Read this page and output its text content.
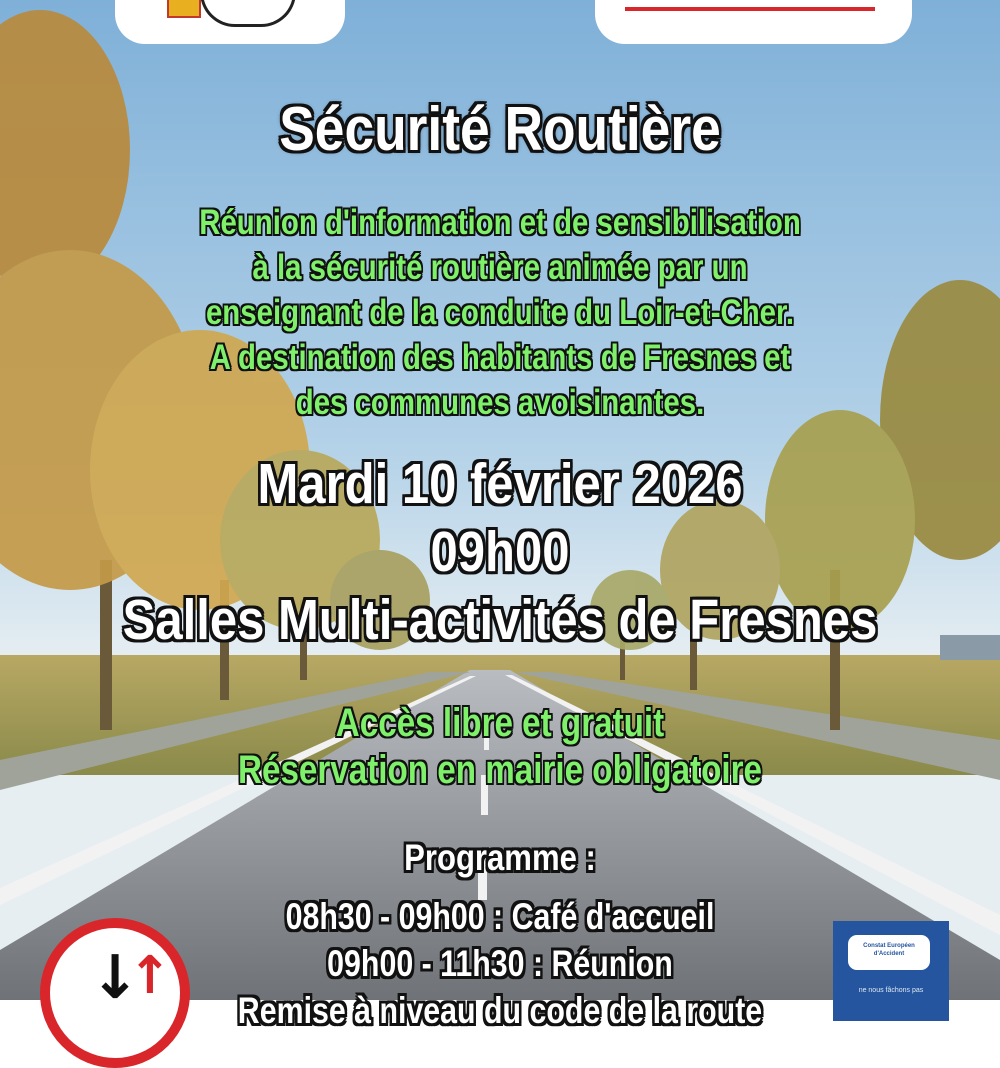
Sécurité Routière
Réunion d'information et de sensibilisation
à la sécurité routière animée par un
enseignant de la conduite du Loir-et-Cher.
A destination des habitants de Fresnes et
des communes avoisinantes.
Mardi 10 février 2026
09h00
Salles Multi-activités de Fresnes
Accès libre et gratuit
Réservation en mairie obligatoire
Programme :
08h30 - 09h00 : Café d'accueil
09h00 - 11h30 : Réunion
Remise à niveau du code de la route
↓
↑	Constat Européen
d'Accident
ne nous fâchons pas
